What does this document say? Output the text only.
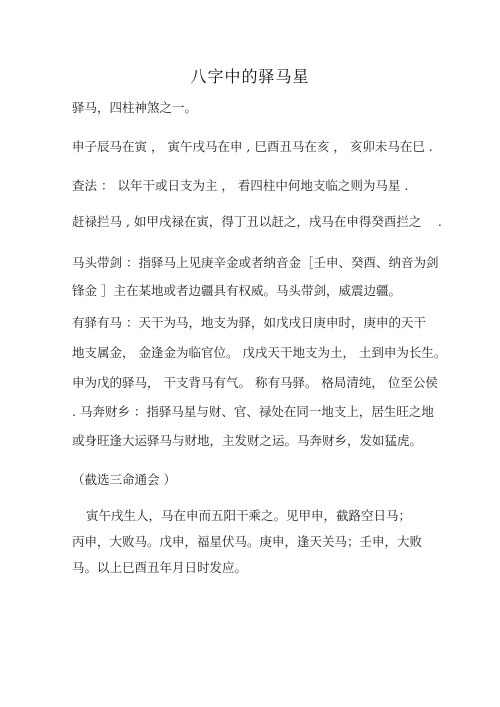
八字中的驿马星
驿马，四柱神煞之一。
申子辰马在寅 ， 寅午戌马在申 , 巳酉丑马在亥 ， 亥卯未马在巳 .
查法 ： 以年干或日支为主 ， 看四柱中何地支临之则为马星 .
赶禄拦马 , 如甲戌禄在寅，得丁丑以赶之，戌马在申得癸酉拦之　 .
马头带剑 ：指驿马上见庚辛金或者纳音金［壬申、癸酉、纳音为剑
锋金 ］主在某地或者边疆具有权威。马头带剑，威震边疆。
有驿有马 ：天干为马，地支为驿，如戊戌日庚申时，庚申的天干
地支属金， 金逢金为临官位。 戊戌天干地支为土， 土到申为长生。
申为戊的驿马， 干支背马有气。 称有马驿。 格局清纯， 位至公侯
. 马奔财乡 ：指驿马星与财、官、禄处在同一地支上，居生旺之地
或身旺逢大运驿马与财地，主发财之运。马奔财乡，发如猛虎。
（截选三命通会 ）
寅午戌生人，马在申而五阳干乘之。见甲申，截路空日马；
丙申，大败马。戊申，福星伏马。庚申，逢天关马；壬申，大败
马。以上巳酉丑年月日时发应。
